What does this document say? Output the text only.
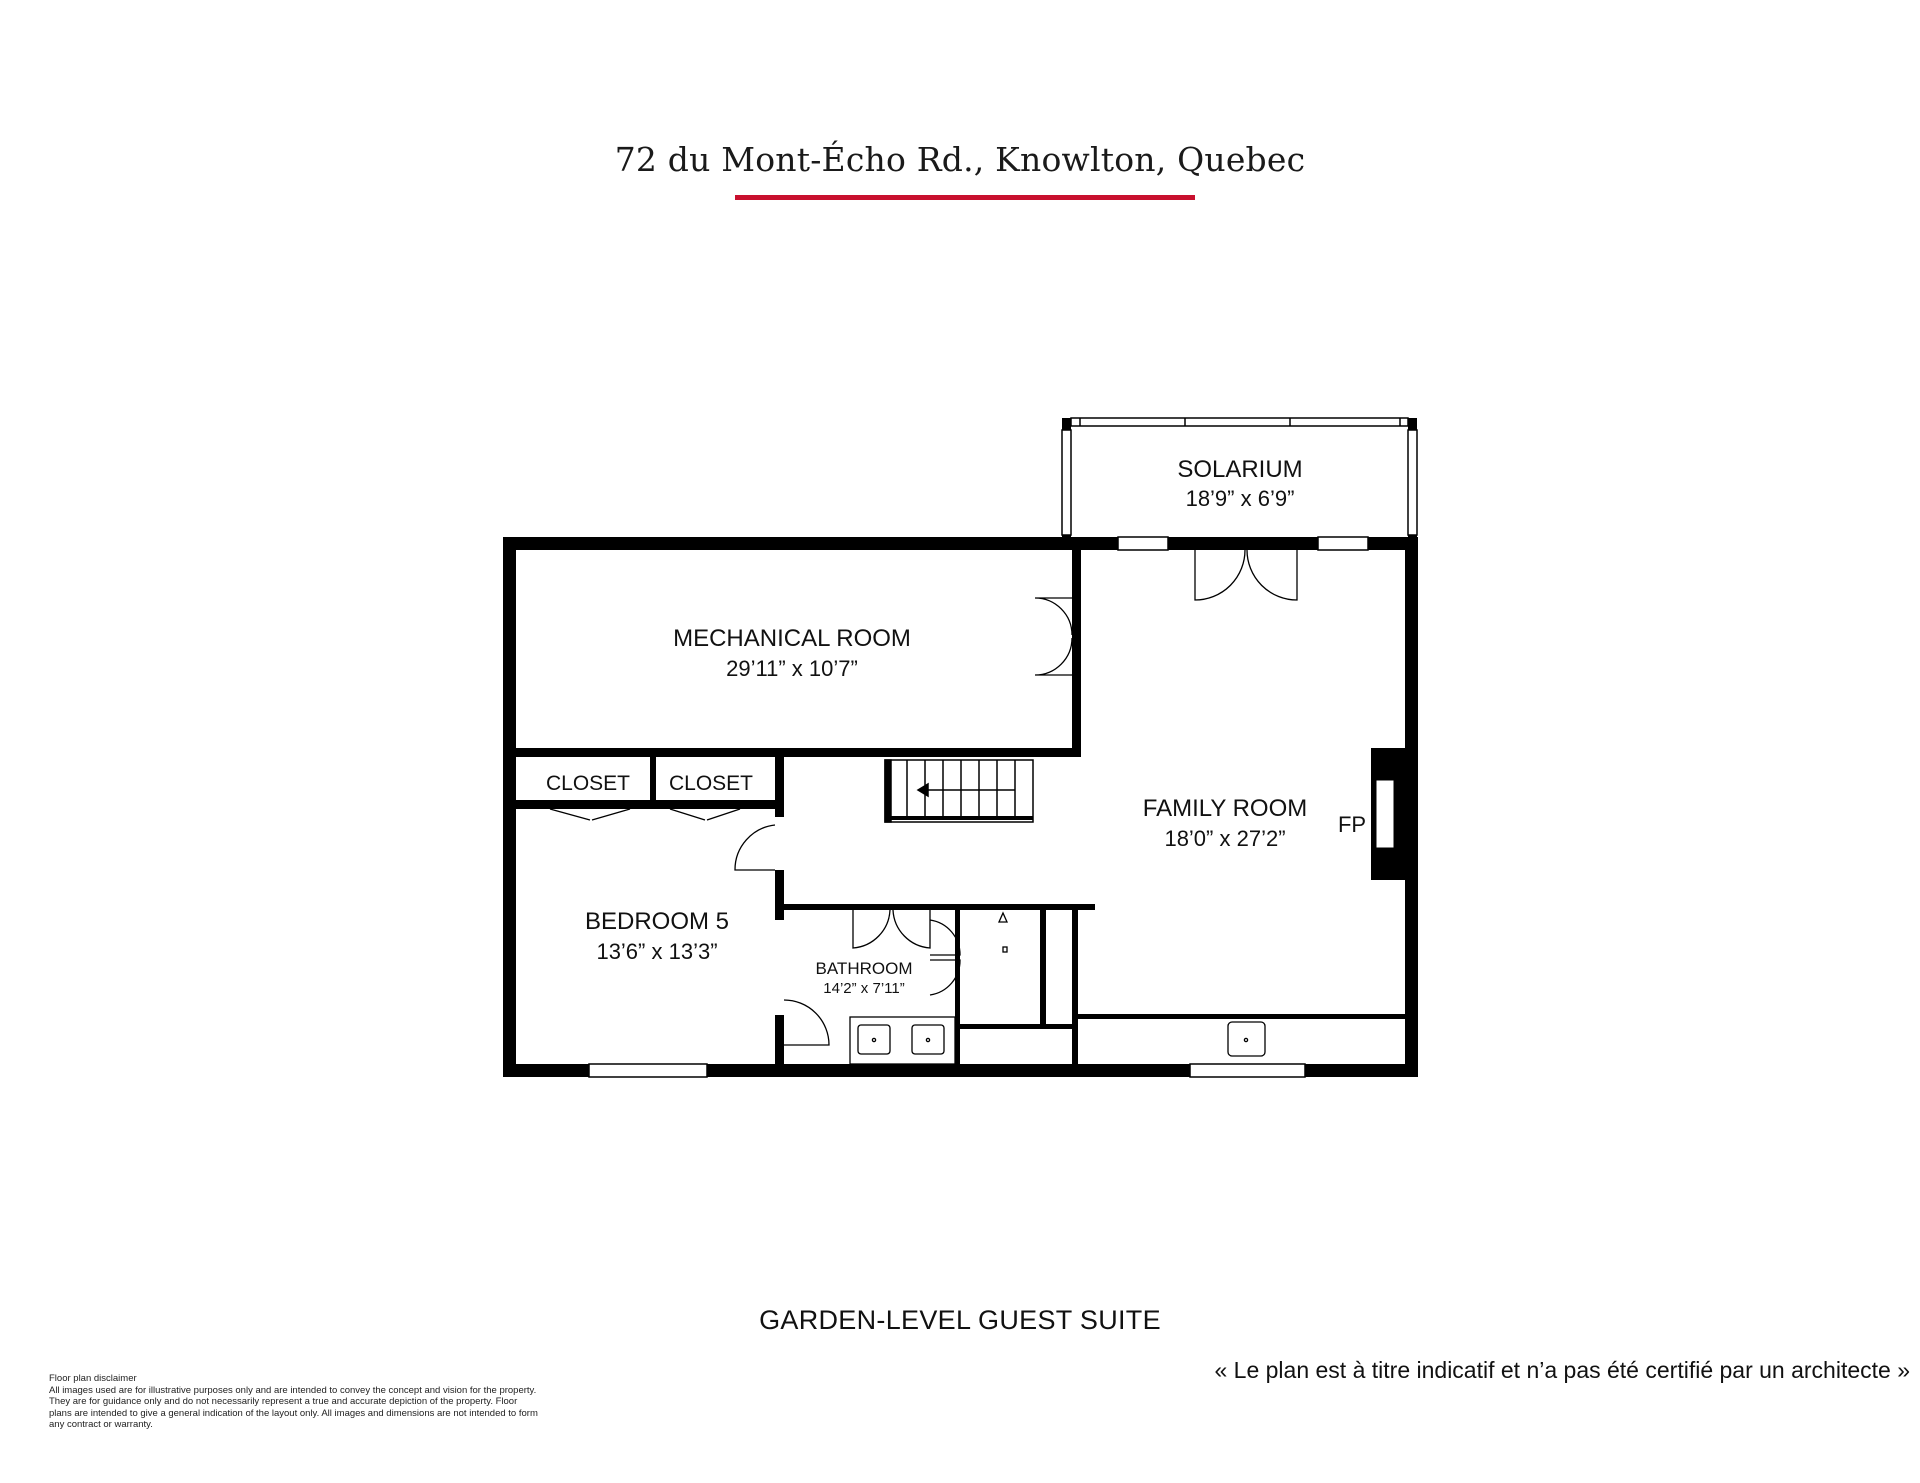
72 du Mont-Écho Rd., Knowlton, Quebec
SOLARIUM
18’9” x 6’9”
MECHANICAL ROOM
29’11” x 10’7”
FAMILY ROOM
18’0” x 27’2”
BEDROOM 5
13’6” x 13’3”
BATHROOM
14’2” x 7’11”
CLOSET CLOSET
FP
GARDEN-LEVEL GUEST SUITE
« Le plan est à titre indicatif et n’a pas été certifié par un architecte »
Floor plan disclaimer
All images used are for illustrative purposes only and are intended to convey the concept and vision for the property. They are for guidance only and do not necessarily represent a true and accurate depiction of the property. Floor plans are intended to give a general indication of the layout only. All images and dimensions are not intended to form any contract or warranty.
